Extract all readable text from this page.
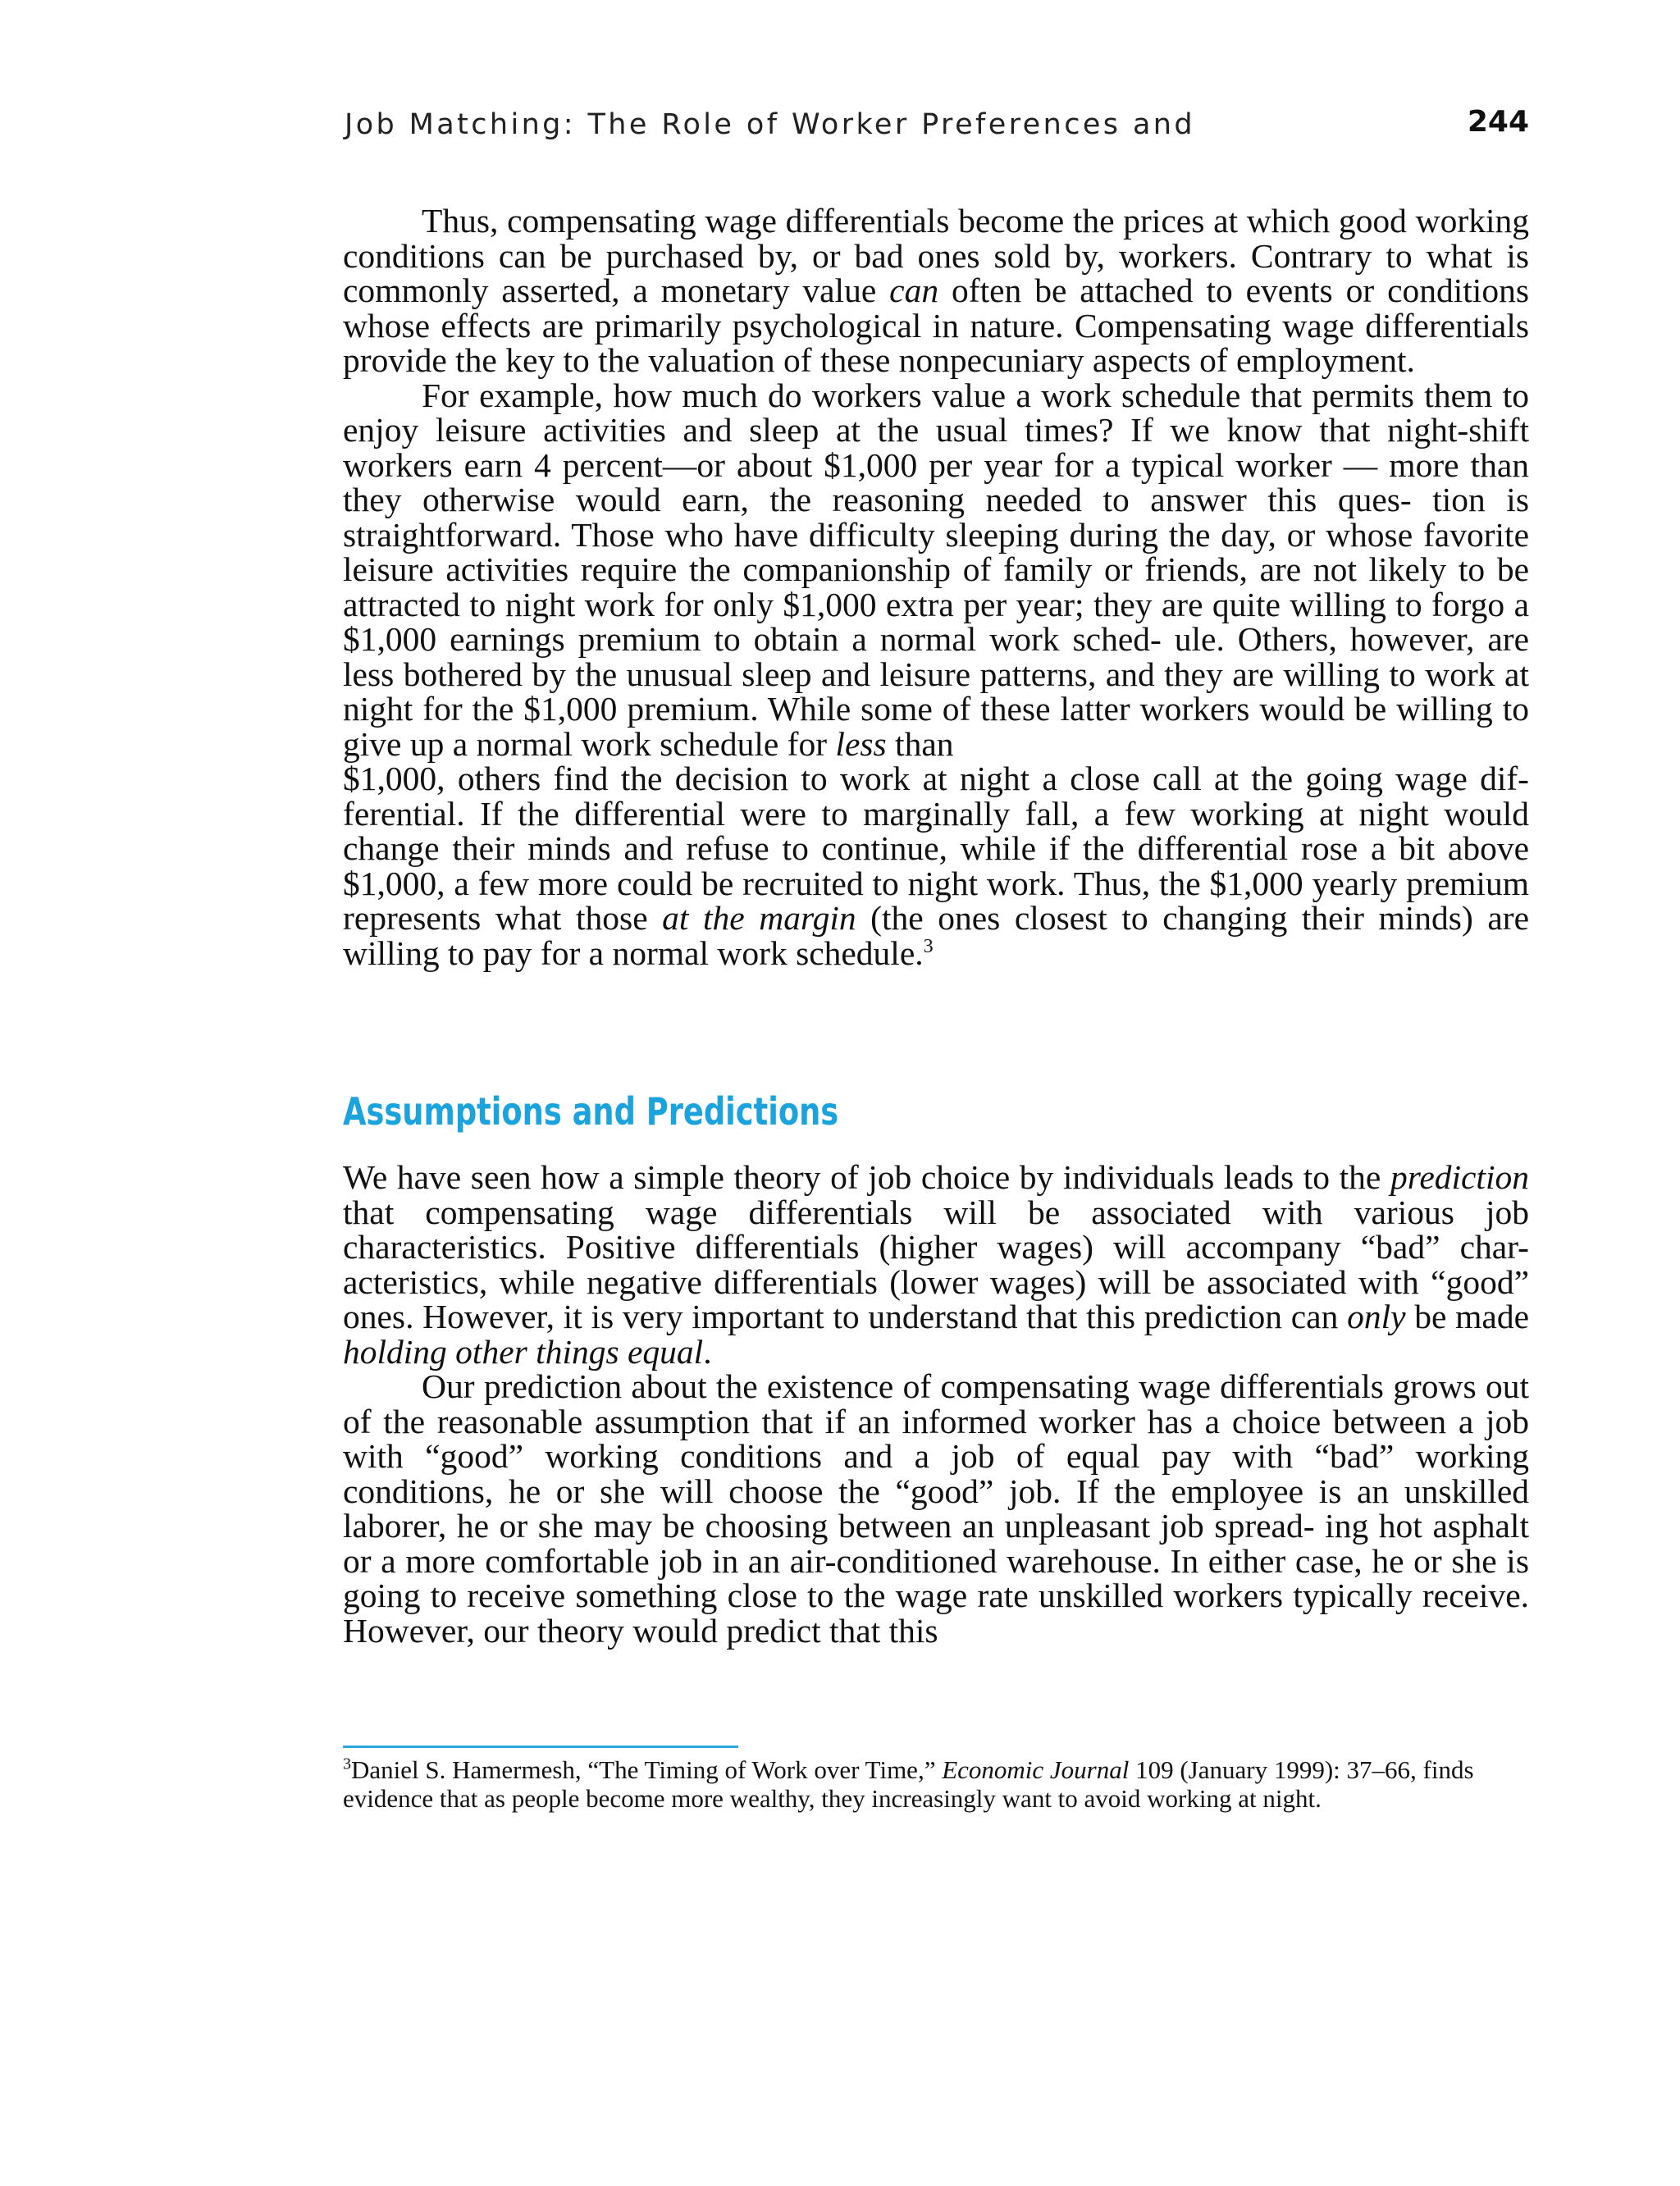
Job Matching: The Role of Worker Preferences and	244

Thus, compensating wage differentials become the prices at which good working conditions can be purchased by, or bad ones sold by, workers. Contrary to what is commonly asserted, a monetary value can often be attached to events or conditions whose effects are primarily psychological in nature. Compensating wage differentials provide the key to the valuation of these nonpecuniary aspects of employment.

For example, how much do workers value a work schedule that permits them to enjoy leisure activities and sleep at the usual times? If we know that night-shift workers earn 4 percent—or about $1,000 per year for a typical worker — more than they otherwise would earn, the reasoning needed to answer this ques- tion is straightforward. Those who have difficulty sleeping during the day, or whose favorite leisure activities require the companionship of family or friends, are not likely to be attracted to night work for only $1,000 extra per year; they are quite willing to forgo a $1,000 earnings premium to obtain a normal work sched- ule. Others, however, are less bothered by the unusual sleep and leisure patterns, and they are willing to work at night for the $1,000 premium. While some of these latter workers would be willing to give up a normal work schedule for less than

$1,000, others find the decision to work at night a close call at the going wage dif- ferential. If the differential were to marginally fall, a few working at night would change their minds and refuse to continue, while if the differential rose a bit above $1,000, a few more could be recruited to night work. Thus, the $1,000 yearly premium represents what those at the margin (the ones closest to changing their minds) are willing to pay for a normal work schedule.$^3$

Assumptions and Predictions

We have seen how a simple theory of job choice by individuals leads to the prediction that compensating wage differentials will be associated with various job characteristics. Positive differentials (higher wages) will accompany “bad” char- acteristics, while negative differentials (lower wages) will be associated with “good” ones. However, it is very important to understand that this prediction can only be made holding other things equal.

Our prediction about the existence of compensating wage differentials grows out of the reasonable assumption that if an informed worker has a choice between a job with “good” working conditions and a job of equal pay with “bad” working conditions, he or she will choose the “good” job. If the employee is an unskilled laborer, he or she may be choosing between an unpleasant job spread- ing hot asphalt or a more comfortable job in an air-conditioned warehouse. In either case, he or she is going to receive something close to the wage rate unskilled workers typically receive. However, our theory would predict that this

$^3$Daniel S. Hamermesh, “The Timing of Work over Time,” Economic Journal 109 (January 1999): 37–66, finds evidence that as people become more wealthy, they increasingly want to avoid working at night.
